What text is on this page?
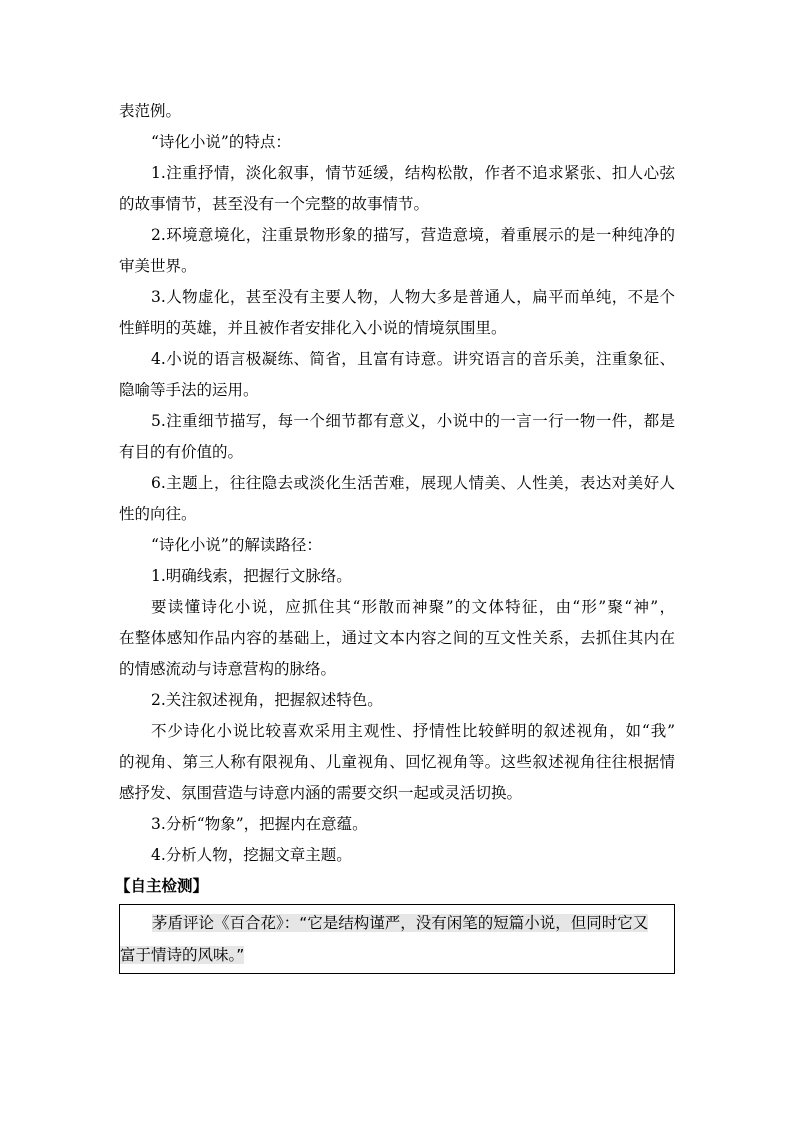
表范例。
“诗化小说”的特点：
1.注重抒情，淡化叙事，情节延缓，结构松散，作者不追求紧张、扣人心弦
的故事情节，甚至没有一个完整的故事情节。
2.环境意境化，注重景物形象的描写，营造意境，着重展示的是一种纯净的
审美世界。
3.人物虚化，甚至没有主要人物，人物大多是普通人，扁平而单纯，不是个
性鲜明的英雄，并且被作者安排化入小说的情境氛围里。
4.小说的语言极凝练、简省，且富有诗意。讲究语言的音乐美，注重象征、
隐喻等手法的运用。
5.注重细节描写，每一个细节都有意义，小说中的一言一行一物一件，都是
有目的有价值的。
6.主题上，往往隐去或淡化生活苦难，展现人情美、人性美，表达对美好人
性的向往。
“诗化小说”的解读路径：
1.明确线索，把握行文脉络。
要读懂诗化小说，应抓住其“形散而神聚”的文体特征，由“形”聚“神”，
在整体感知作品内容的基础上，通过文本内容之间的互文性关系，去抓住其内在
的情感流动与诗意营构的脉络。
2.关注叙述视角，把握叙述特色。
不少诗化小说比较喜欢采用主观性、抒情性比较鲜明的叙述视角，如“我”
的视角、第三人称有限视角、儿童视角、回忆视角等。这些叙述视角往往根据情
感抒发、氛围营造与诗意内涵的需要交织一起或灵活切换。
3.分析“物象”，把握内在意蕴。
4.分析人物，挖掘文章主题。
【自主检测】
茅盾评论《百合花》：“它是结构谨严，没有闲笔的短篇小说，但同时它又
富于情诗的风味。”
